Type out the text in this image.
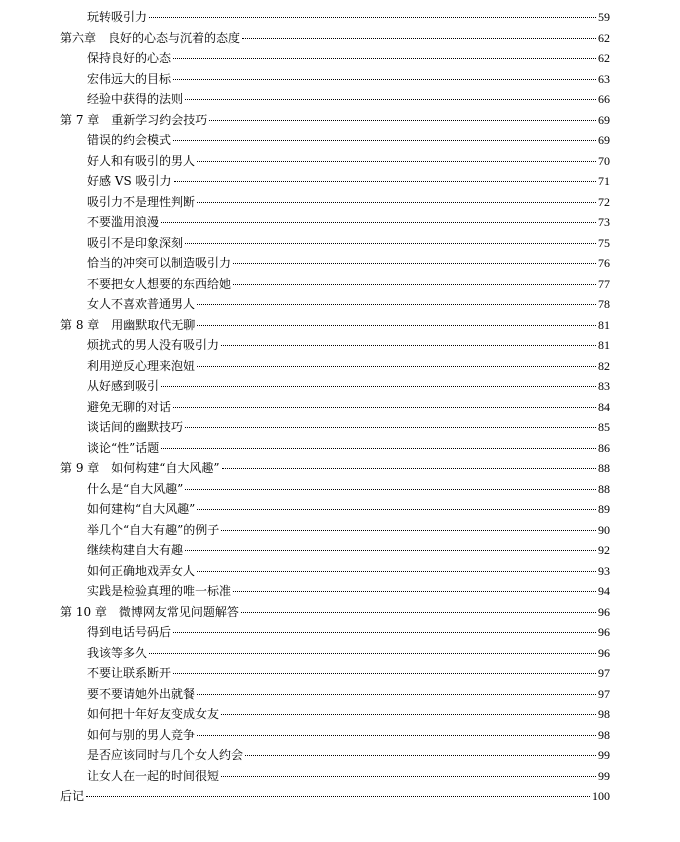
玩转吸引力	59
第六章　良好的心态与沉着的态度	62
保持良好的心态	62
宏伟远大的目标	63
经验中获得的法则	66
第 7 章　重新学习约会技巧	69
错误的约会模式	69
好人和有吸引的男人	70
好感 VS 吸引力	71
吸引力不是理性判断	72
不要滥用浪漫	73
吸引不是印象深刻	75
恰当的冲突可以制造吸引力	76
不要把女人想要的东西给她	77
女人不喜欢普通男人	78
第 8 章　用幽默取代无聊	81
烦扰式的男人没有吸引力	81
利用逆反心理来泡妞	82
从好感到吸引	83
避免无聊的对话	84
谈话间的幽默技巧	85
谈论“性”话题	86
第 9 章　如何构建“自大风趣”	88
什么是“自大风趣”	88
如何建构“自大风趣”	89
举几个“自大有趣”的例子	90
继续构建自大有趣	92
如何正确地戏弄女人	93
实践是检验真理的唯一标准	94
第 10 章　微博网友常见问题解答	96
得到电话号码后	96
我该等多久	96
不要让联系断开	97
要不要请她外出就餐	97
如何把十年好友变成女友	98
如何与别的男人竞争	98
是否应该同时与几个女人约会	99
让女人在一起的时间很短	99
后记	100
